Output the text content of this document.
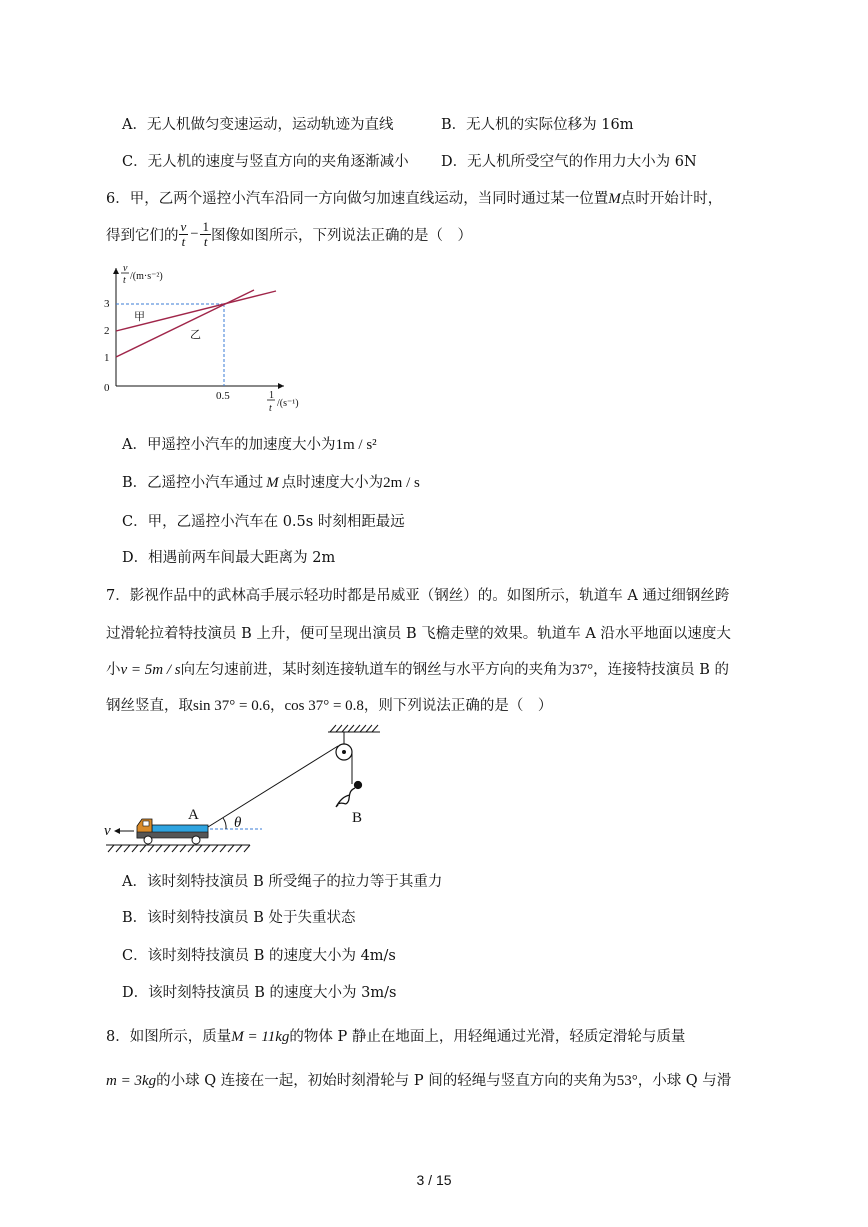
A．无人机做匀变速运动，运动轨迹为直线	B．无人机的实际位移为 16m
C．无人机的速度与竖直方向的夹角逐渐减小 D．无人机所受空气的作用力大小为 6N
6．甲，乙两个遥控小汽车沿同一方向做匀加速直线运动，当同时通过某一位置M点时开始计时，
得到它们的 $\frac{v}{t} - \frac{1}{t}$ 图像如图所示，下列说法正确的是（　）
v
t /(m·s⁻²)
3
2
1
0
0.5	1
t /(s⁻¹)
甲
乙
A．甲遥控小汽车的加速度大小为1m / s²
B．乙遥控小汽车通过 M 点时速度大小为2m / s
C．甲，乙遥控小汽车在 0.5s 时刻相距最远
D．相遇前两车间最大距离为 2m
7．影视作品中的武林高手展示轻功时都是吊威亚（钢丝）的。如图所示，轨道车 A 通过细钢丝跨
过滑轮拉着特技演员 B 上升，便可呈现出演员 B 飞檐走壁的效果。轨道车 A 沿水平地面以速度大
小v = 5m / s向左匀速前进，某时刻连接轨道车的钢丝与水平方向的夹角为37°，连接特技演员 B 的
钢丝竖直，取sin 37° = 0.6，cos 37° = 0.8，则下列说法正确的是（　）
B
θ
A
v
A．该时刻特技演员 B 所受绳子的拉力等于其重力
B．该时刻特技演员 B 处于失重状态
C．该时刻特技演员 B 的速度大小为 4m/s
D．该时刻特技演员 B 的速度大小为 3m/s
8．如图所示，质量M = 11kg的物体 P 静止在地面上，用轻绳通过光滑，轻质定滑轮与质量
m = 3kg的小球 Q 连接在一起，初始时刻滑轮与 P 间的轻绳与竖直方向的夹角为53°，小球 Q 与滑
3 / 15
